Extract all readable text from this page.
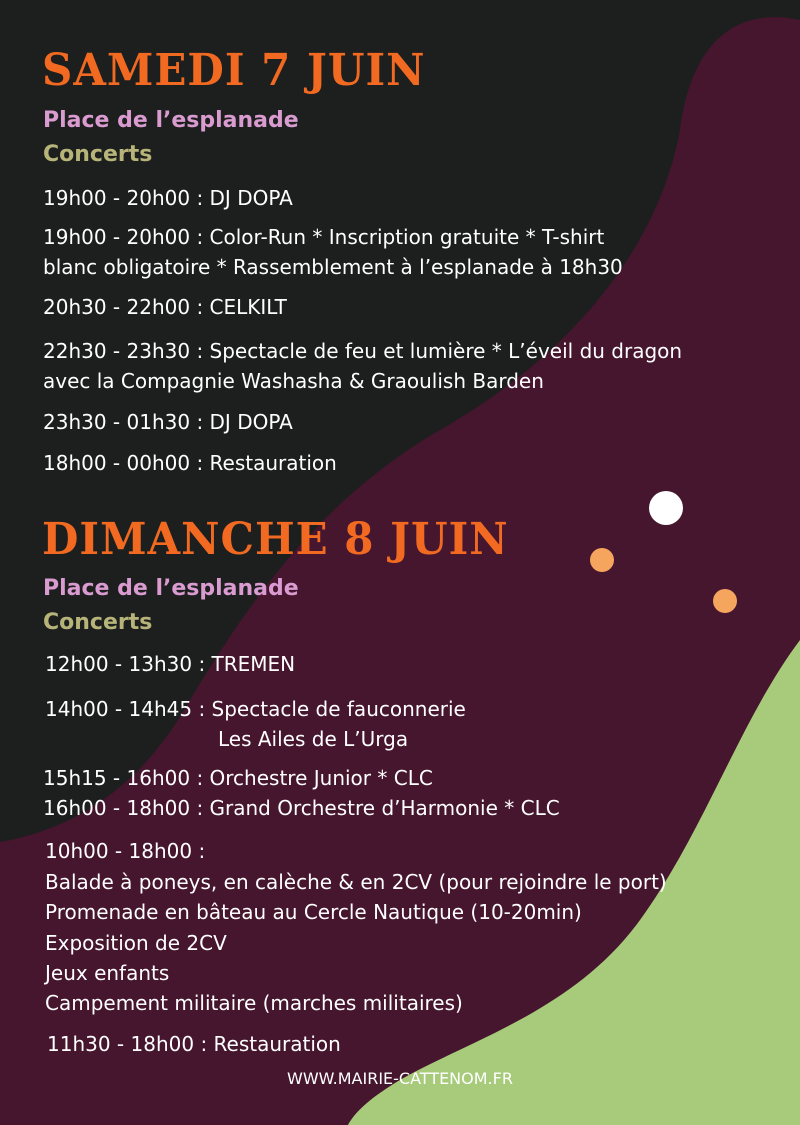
SAMEDI 7 JUIN

Place de l’esplanade

Concerts

19h00 - 20h00 : DJ DOPA

19h00 - 20h00 : Color-Run * Inscription gratuite * T-shirt

blanc obligatoire * Rassemblement à l’esplanade à 18h30

20h30 - 22h00 : CELKILT

22h30 - 23h30 : Spectacle de feu et lumière * L’éveil du dragon

avec la Compagnie Washasha & Graoulish Barden

23h30 - 01h30 : DJ DOPA

18h00 - 00h00 : Restauration

DIMANCHE 8 JUIN

Place de l’esplanade

Concerts

12h00 - 13h30 : TREMEN

14h00 - 14h45 : Spectacle de fauconnerie

Les Ailes de L’Urga

15h15 - 16h00 : Orchestre Junior * CLC

16h00 - 18h00 : Grand Orchestre d’Harmonie * CLC

10h00 - 18h00 :

Balade à poneys, en calèche & en 2CV (pour rejoindre le port)

Promenade en bâteau au Cercle Nautique (10-20min)

Exposition de 2CV

Jeux enfants

Campement militaire (marches militaires)

11h30 - 18h00 : Restauration

WWW.MAIRIE-CATTENOM.FR
